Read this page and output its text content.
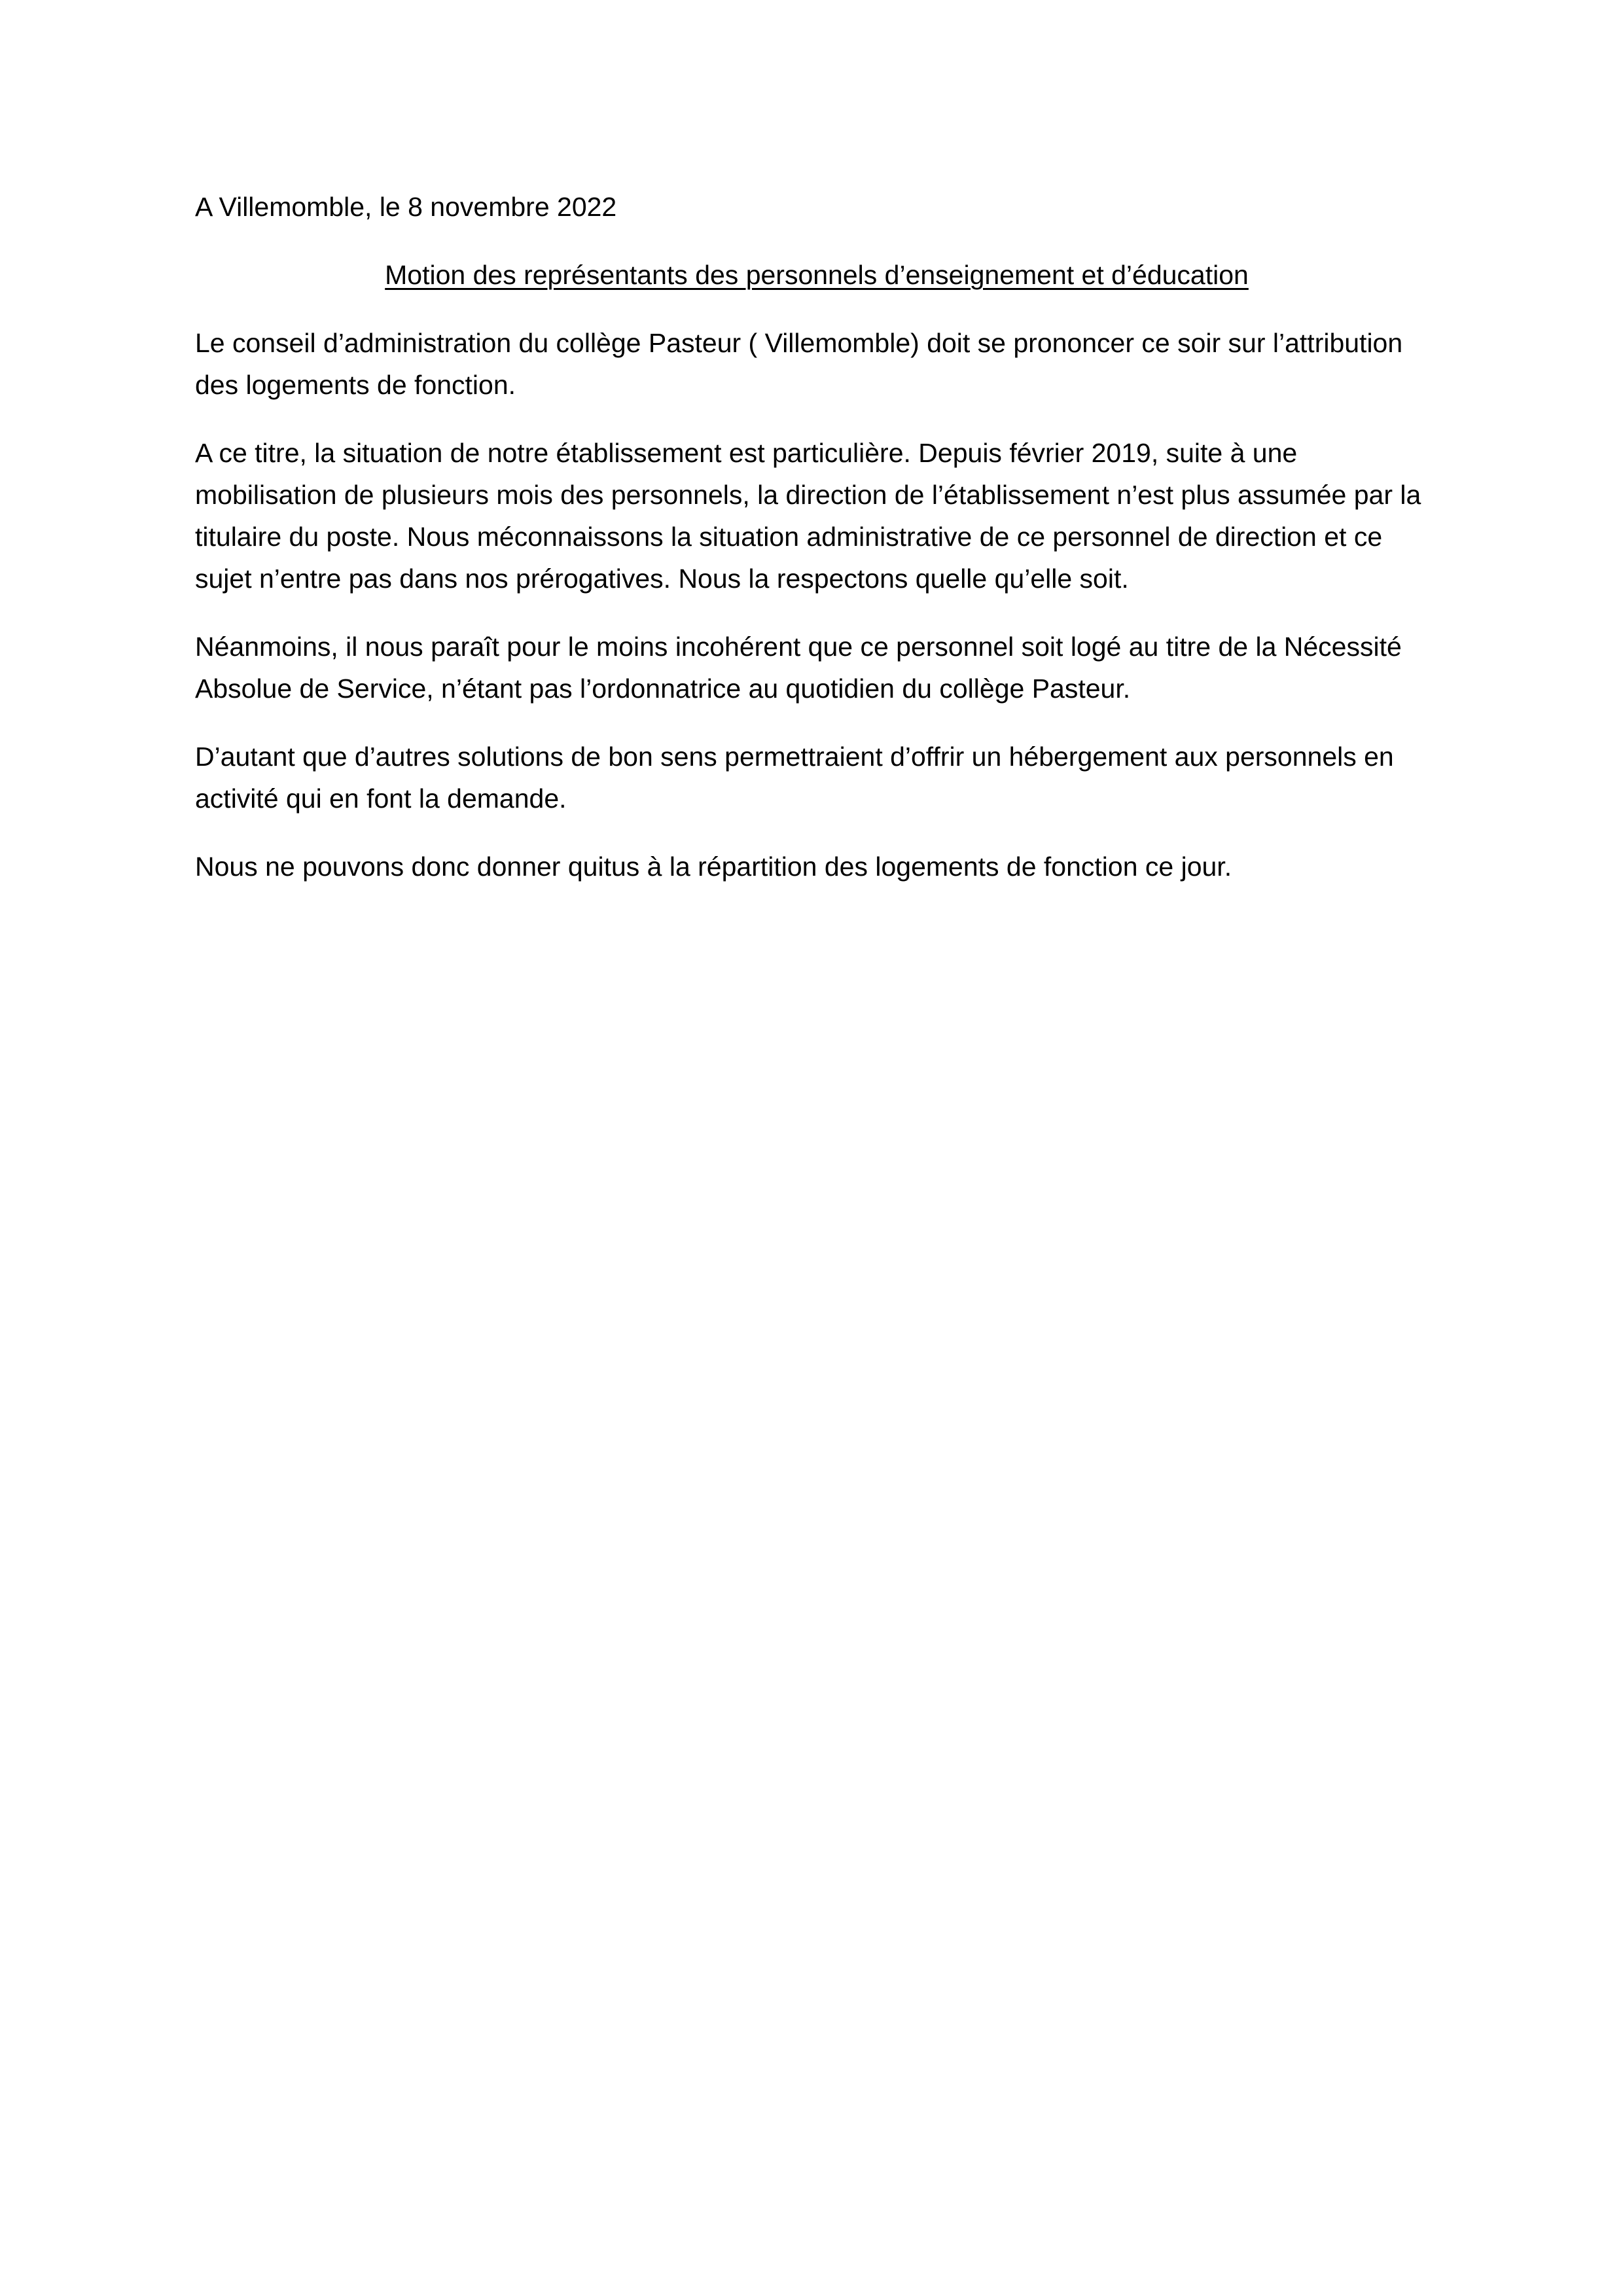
A Villemomble, le 8 novembre 2022

Motion des représentants des personnels d’enseignement et d’éducation

Le conseil d’administration du collège Pasteur ( Villemomble) doit se prononcer ce soir sur l’attribution des logements de fonction.

A ce titre, la situation de notre établissement est particulière. Depuis février 2019, suite à une mobilisation de plusieurs mois des personnels, la direction de l’établissement n’est plus assumée par la titulaire du poste. Nous méconnaissons la situation administrative de ce personnel de direction et ce sujet n’entre pas dans nos prérogatives. Nous la respectons quelle qu’elle soit.

Néanmoins, il nous paraît pour le moins incohérent que ce personnel soit logé au titre de la Nécessité Absolue de Service, n’étant pas l’ordonnatrice au quotidien du collège Pasteur.

D’autant que d’autres solutions de bon sens permettraient d’offrir un hébergement aux personnels en activité qui en font la demande.

Nous ne pouvons donc donner quitus à la répartition des logements de fonction ce jour.
